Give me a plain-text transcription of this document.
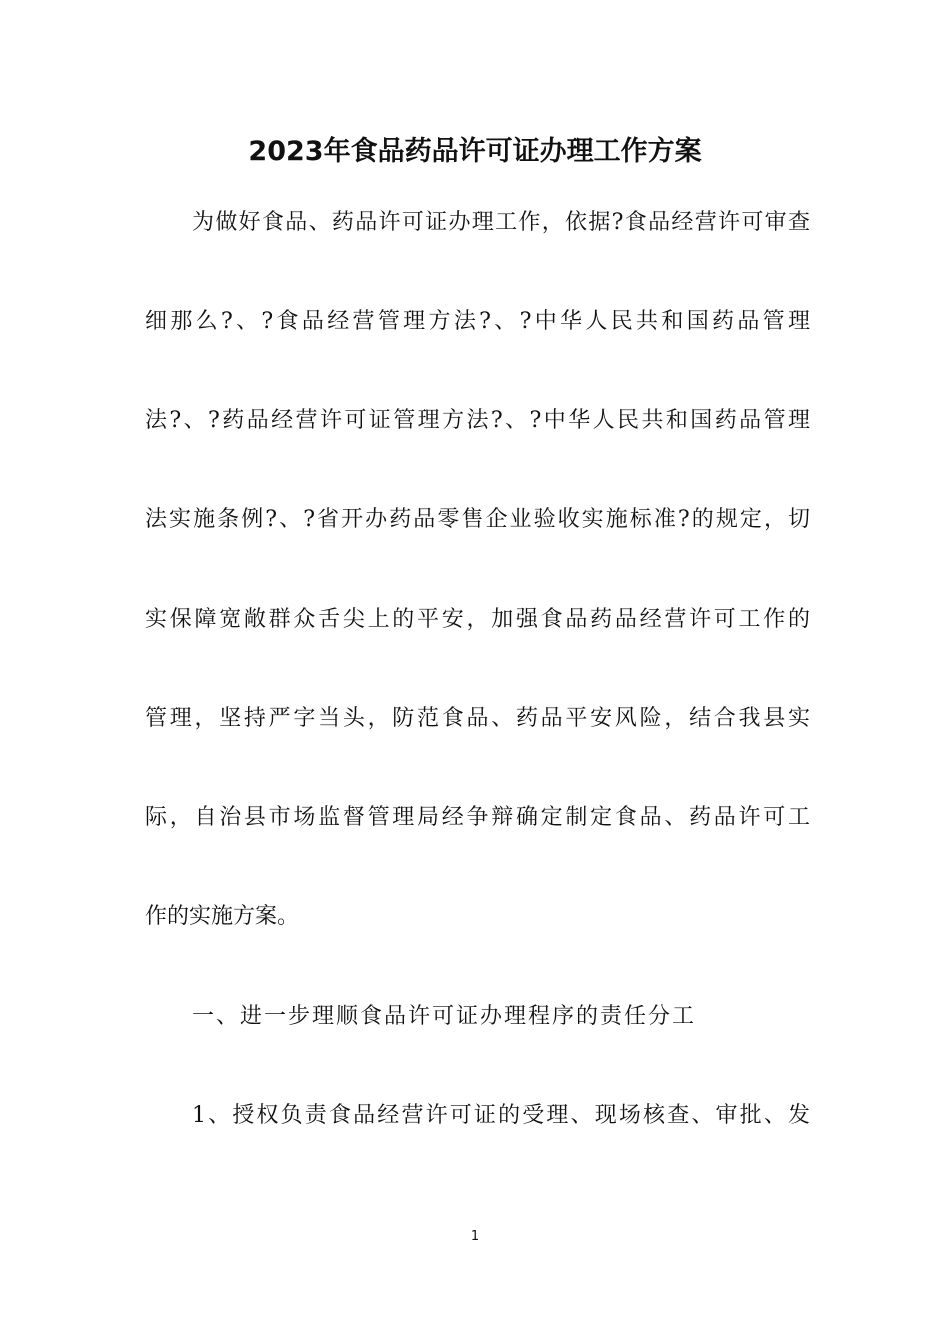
2023年食品药品许可证办理工作方案
为做好食品、药品许可证办理工作，依据?食品经营许可审查
细那么?、?食品经营管理方法?、?中华人民共和国药品管理
法?、?药品经营许可证管理方法?、?中华人民共和国药品管理
法实施条例?、?省开办药品零售企业验收实施标准?的规定，切
实保障宽敞群众舌尖上的平安，加强食品药品经营许可工作的
管理，坚持严字当头，防范食品、药品平安风险，结合我县实
际，自治县市场监督管理局经争辩确定制定食品、药品许可工
作的实施方案。
一、进一步理顺食品许可证办理程序的责任分工
1、授权负责食品经营许可证的受理、现场核查、审批、发
1
